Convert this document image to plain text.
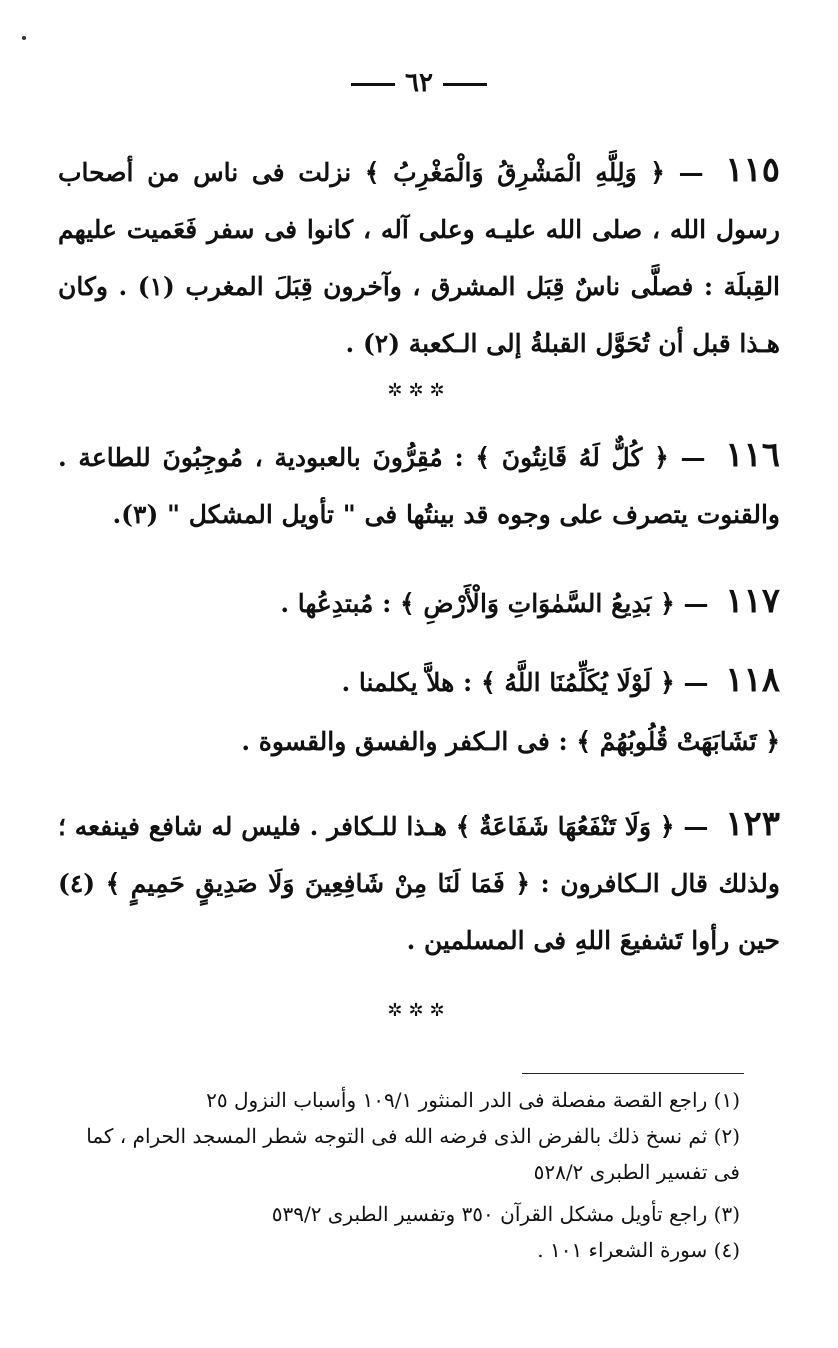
٦٢
١١٥ — ﴿ وَلِلَّهِ الْمَشْرِقُ وَالْمَغْرِبُ ﴾ نزلت فى ناس من أصحاب رسول الله ، صلى الله عليـه وعلى آله ، كانوا فى سفر فَعَميت عليهم القِبلَة : فصلَّى ناسٌ قِبَل المشرق ، وآخرون قِبَلَ المغرب (١) . وكان هـذا قبل أن تُحَوَّل القبلةُ إلى الـكعبة (٢) .
✲✲✲
١١٦ — ﴿ كُلٌّ لَهُ قَانِتُونَ ﴾ : مُقِرُّونَ بالعبودية ، مُوجِبُونَ للطاعة . والقنوت يتصرف على وجوه قد بينتُها فى " تأويل المشكل " (٣).
١١٧ — ﴿ بَدِيعُ السَّمٰوَاتِ وَالْأَرْضِ ﴾ : مُبتدِعُها .
١١٨ — ﴿ لَوْلَا يُكَلِّمُنَا اللَّهُ ﴾ : هلاَّ يكلمنا .
﴿ تَشَابَهَتْ قُلُوبُهُمْ ﴾ : فى الـكفر والفسق والقسوة .
١٢٣ — ﴿ وَلَا تَنْفَعُهَا شَفَاعَةٌ ﴾ هـذا للـكافر . فليس له شافع فينفعه ؛ ولذلك قال الـكافرون : ﴿ فَمَا لَنَا مِنْ شَافِعِينَ وَلَا صَدِيقٍ حَمِيمٍ ﴾ (٤) حين رأوا تَشفيعَ اللهِ فى المسلمين .
✲✲✲
(١) راجع القصة مفصلة فى الدر المنثور ١٠٩/١ وأسباب النزول ٢٥
(٢) ثم نسخ ذلك بالفرض الذى فرضه الله فى التوجه شطر المسجد الحرام ، كما فى تفسير الطبرى ٥٢٨/٢
(٣) راجع تأويل مشكل القرآن ٣٥٠ وتفسير الطبرى ٥٣٩/٢
(٤) سورة الشعراء ١٠١ .
